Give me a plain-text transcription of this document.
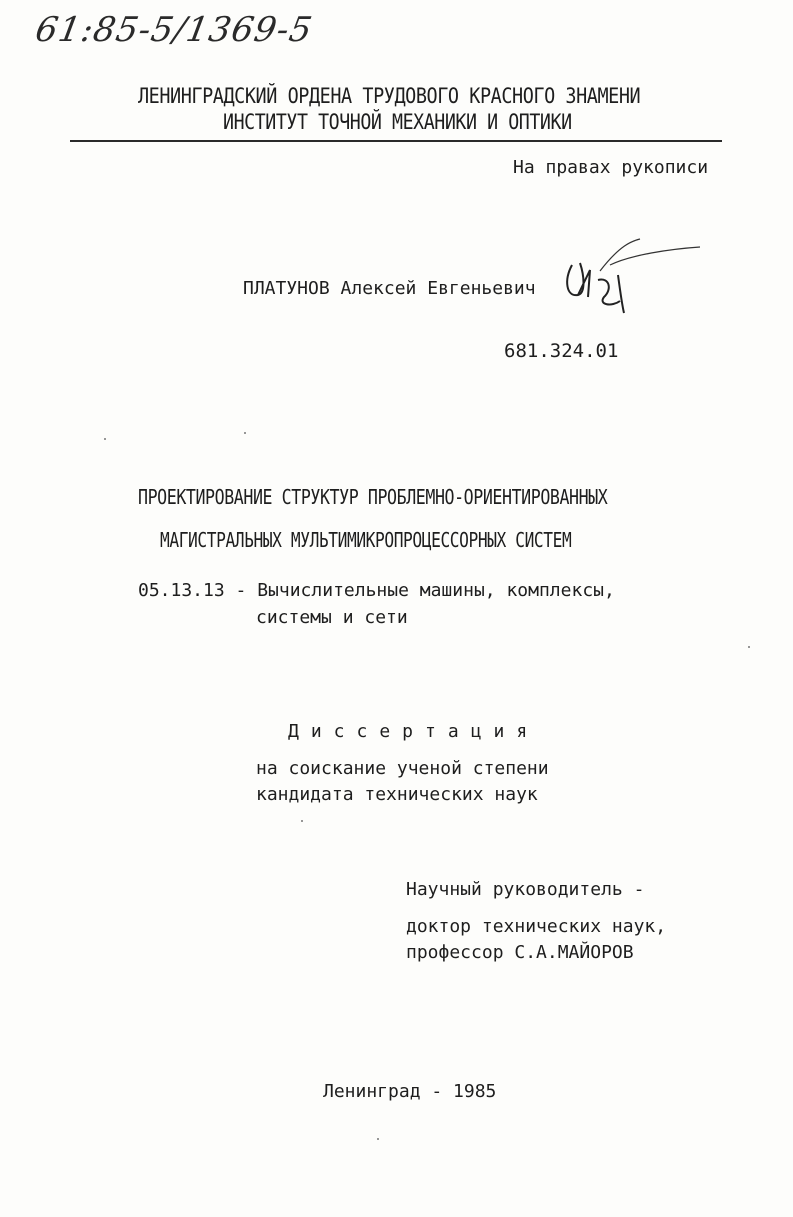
61:85-5/1369-5
ЛЕНИНГРАДСКИЙ ОРДЕНА ТРУДОВОГО КРАСНОГО ЗНАМЕНИ
ИНСТИТУТ ТОЧНОЙ МЕХАНИКИ И ОПТИКИ
На правах рукописи
ПЛАТУНОВ Алексей Евгеньевич
681.324.01
ПРОЕКТИРОВАНИЕ СТРУКТУР ПРОБЛЕМНО-ОРИЕНТИРОВАННЫХ
МАГИСТРАЛЬНЫХ МУЛЬТИМИКРОПРОЦЕССОРНЫХ СИСТЕМ
05.13.13 - Вычислительные машины, комплексы,
системы и сети
Диссертация
на соискание ученой степени
кандидата технических наук
Научный руководитель -
доктор технических наук,
профессор С.А.МАЙОРОВ
Ленинград - 1985
